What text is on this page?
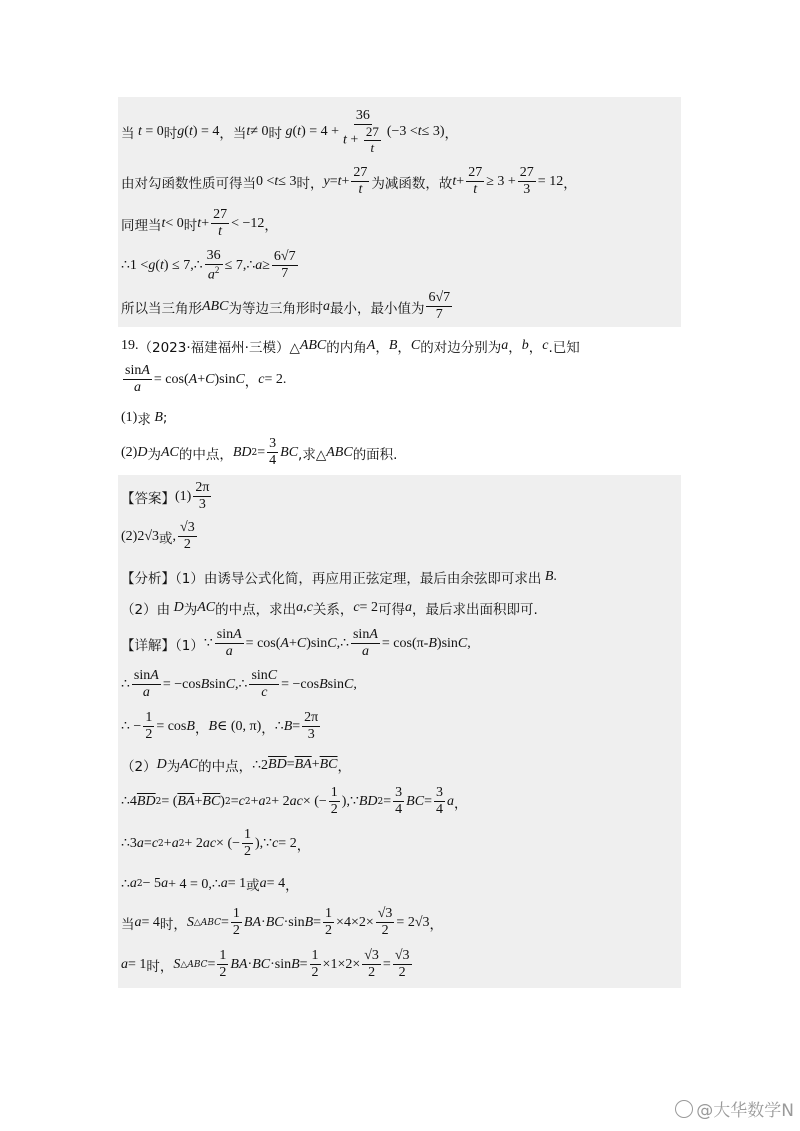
当 t = 0 时 g ( t ) = 4 ，当 t ≠ 0 时 g ( t ) = $4 + \frac{36}{t + \frac{27}{t}} (-3 < t \le 3)$ ，
由对勾函数性质可得当 0 < t ≤ 3 时， $y = t + \frac{27}{t}$ 为减函数，故 $t + \frac{27}{t} \ge 3 + \frac{27}{3} = 12$ ，
同理当 t < 0 时 $t + \frac{27}{t} < -12$ ，
∴1 < g ( t ) ≤ 7,∴ $\frac{36}{a^2}$ ≤ 7,∴ $a \ge \frac{6√7}{7}$
所以当三角形 ABC 为等边三角形时 a 最小，最小值为 $\frac{6√7}{7}$
19. （2023·福建福州·三模）△ ABC 的内角 A ， B ， C 的对边分别为 a ， b ， c .已知
$\frac{\sin A}{a} = \cos$( A + C )sin C ， c = 2.
(1) 求 B ;
(2) D 为 AC 的中点， BD $2 = \frac{3}{4}$ BC ,求△ ABC 的面积.
【答案】 $(1) \frac{2\pi}{3}$
(2)2√3 或 , $\frac{√3}{2}$
【分析】（1）由诱导公式化简，再应用正弦定理，最后由余弦即可求出 B .
（2）由 D 为 AC 的中点，求出 a , c 关系， c = 2 可得 a ，最后求出面积即可.
【详解】（1） ∵ $\frac{\sin A}{a} = \cos$( A + C )sin C ,∴ $\frac{\sin A}{a} = \cos(\pi-$ B )sin C ,
∴ $\frac{\sin A}{a} = -\cos$ B sin C ,∴ $\frac{\sin C}{c} = -\cos$ B sin C ,
∴ − $\frac{1}{2} = \cos B$ ， B ∈ (0, π) ， ∴ $B = \frac{2\pi}{3}$
（2） D 为 AC 的中点， ∴2 $\overline{BD} = \overline{BA} + \overline{BC}$ ，
∴4 $\overline{BD}$ 2 = ( $\overline{BA} + \overline{BC}$ ) 2 = c 2 + a 2 + 2 ac × (− $\frac{1}{2}$ ),∵ BD $2 = \frac{3}{4}$ BC = $\frac{3}{4}$ a ，
∴3 a = c 2 + a 2 + 2 ac × (− $\frac{1}{2}$ ),∵ c = 2 ，
∴ a 2 − 5 a + 4 = 0,∴ a = 1 或 a = 4 ，
当 a = 4 时， S △ABC = $\frac{1}{2}$ BA · BC ·sin $B = \frac{1}{2} \times 4\times 2\times \frac{√3}{2} = 2√3$ ，
a = 1 时， S △ABC = $\frac{1}{2}$ BA · BC ·sin $B = \frac{1}{2} \times 1\times 2\times \frac{√3}{2} = \frac{√3}{2}$
@大华数学N
